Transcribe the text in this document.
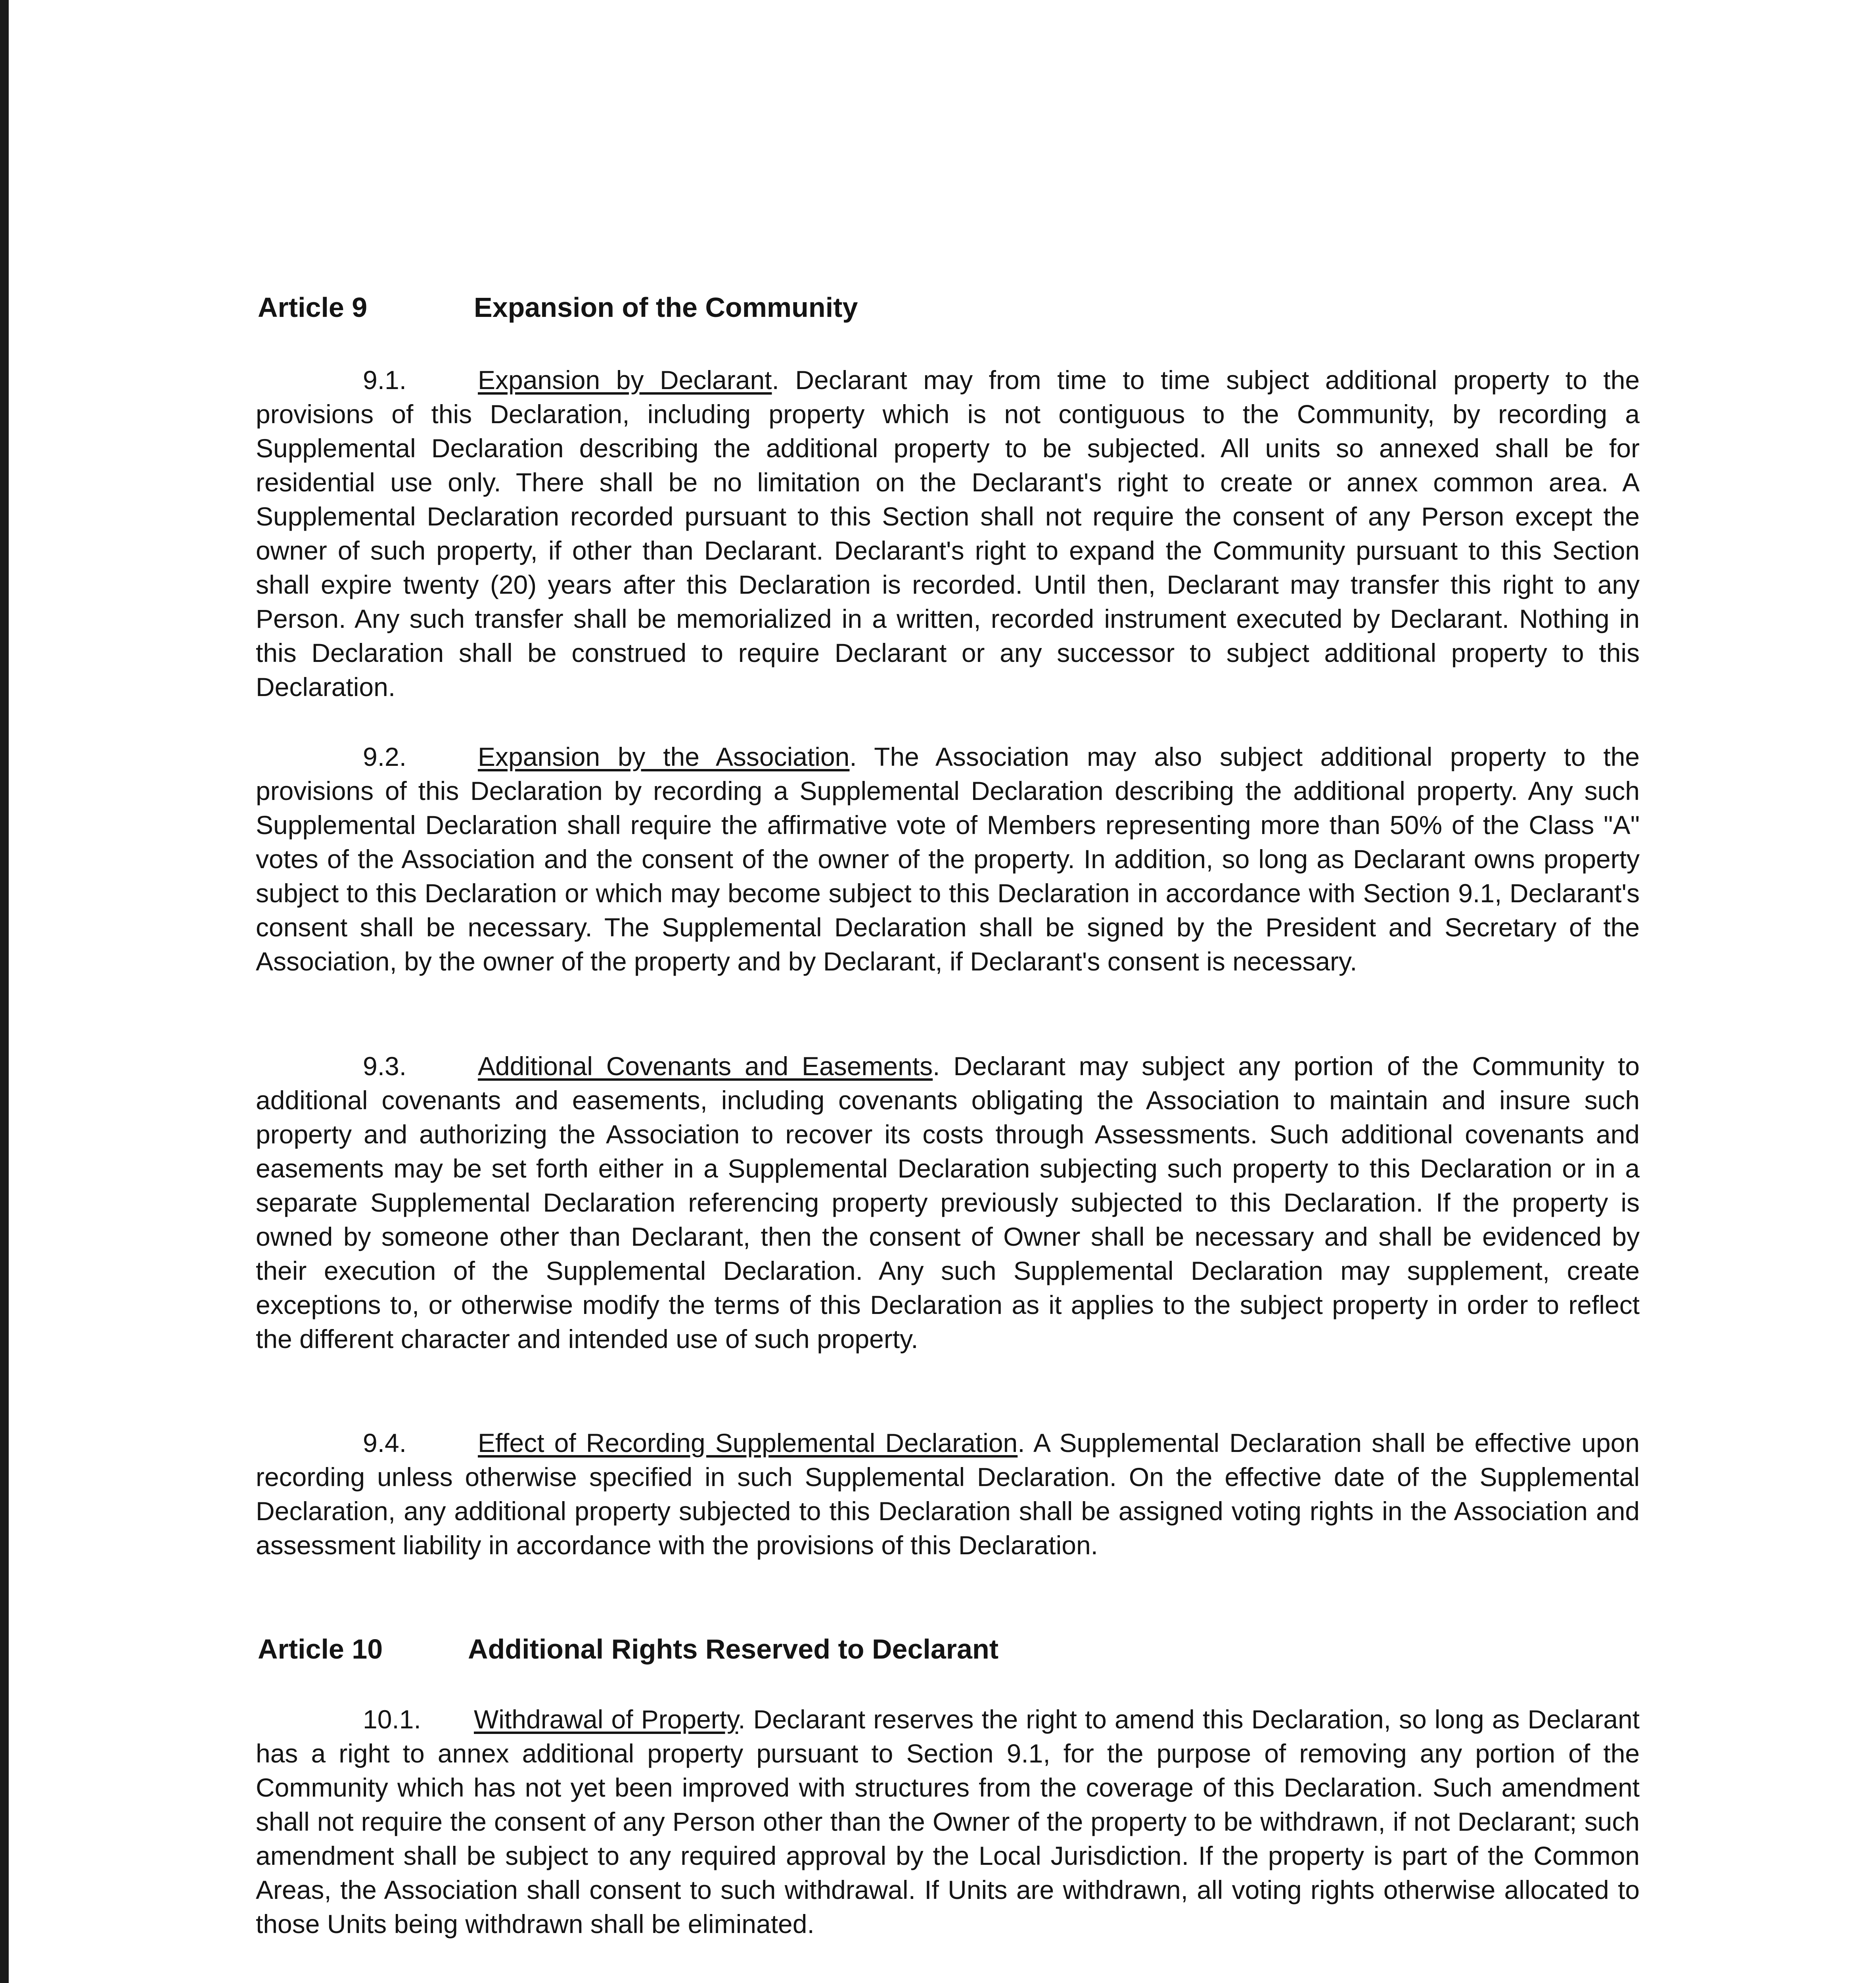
Article 9	Expansion of the Community

9.1.	Expansion by Declarant. Declarant may from time to time subject additional property to the provisions of this Declaration, including property which is not contiguous to the Community, by recording a Supplemental Declaration describing the additional property to be subjected. All units so annexed shall be for residential use only. There shall be no limitation on the Declarant's right to create or annex common area. A Supplemental Declaration recorded pursuant to this Section shall not require the consent of any Person except the owner of such property, if other than Declarant. Declarant's right to expand the Community pursuant to this Section shall expire twenty (20) years after this Declaration is recorded. Until then, Declarant may transfer this right to any Person. Any such transfer shall be memorialized in a written, recorded instrument executed by Declarant. Nothing in this Declaration shall be construed to require Declarant or any successor to subject additional property to this Declaration.

9.2.	Expansion by the Association. The Association may also subject additional property to the provisions of this Declaration by recording a Supplemental Declaration describing the additional property. Any such Supplemental Declaration shall require the affirmative vote of Members representing more than 50% of the Class "A" votes of the Association and the consent of the owner of the property. In addition, so long as Declarant owns property subject to this Declaration or which may become subject to this Declaration in accordance with Section 9.1, Declarant's consent shall be necessary. The Supplemental Declaration shall be signed by the President and Secretary of the Association, by the owner of the property and by Declarant, if Declarant's consent is necessary.

9.3.	Additional Covenants and Easements. Declarant may subject any portion of the Community to additional covenants and easements, including covenants obligating the Association to maintain and insure such property and authorizing the Association to recover its costs through Assessments. Such additional covenants and easements may be set forth either in a Supplemental Declaration subjecting such property to this Declaration or in a separate Supplemental Declaration referencing property previously subjected to this Declaration. If the property is owned by someone other than Declarant, then the consent of Owner shall be necessary and shall be evidenced by their execution of the Supplemental Declaration. Any such Supplemental Declaration may supplement, create exceptions to, or otherwise modify the terms of this Declaration as it applies to the subject property in order to reflect the different character and intended use of such property.

9.4.	Effect of Recording Supplemental Declaration. A Supplemental Declaration shall be effective upon recording unless otherwise specified in such Supplemental Declaration. On the effective date of the Supplemental Declaration, any additional property subjected to this Declaration shall be assigned voting rights in the Association and assessment liability in accordance with the provisions of this Declaration.

Article 10	Additional Rights Reserved to Declarant

10.1. Withdrawal of Property. Declarant reserves the right to amend this Declaration, so long as Declarant has a right to annex additional property pursuant to Section 9.1, for the purpose of removing any portion of the Community which has not yet been improved with structures from the coverage of this Declaration. Such amendment shall not require the consent of any Person other than the Owner of the property to be withdrawn, if not Declarant; such amendment shall be subject to any required approval by the Local Jurisdiction. If the property is part of the Common Areas, the Association shall consent to such withdrawal. If Units are withdrawn, all voting rights otherwise allocated to those Units being withdrawn shall be eliminated.
